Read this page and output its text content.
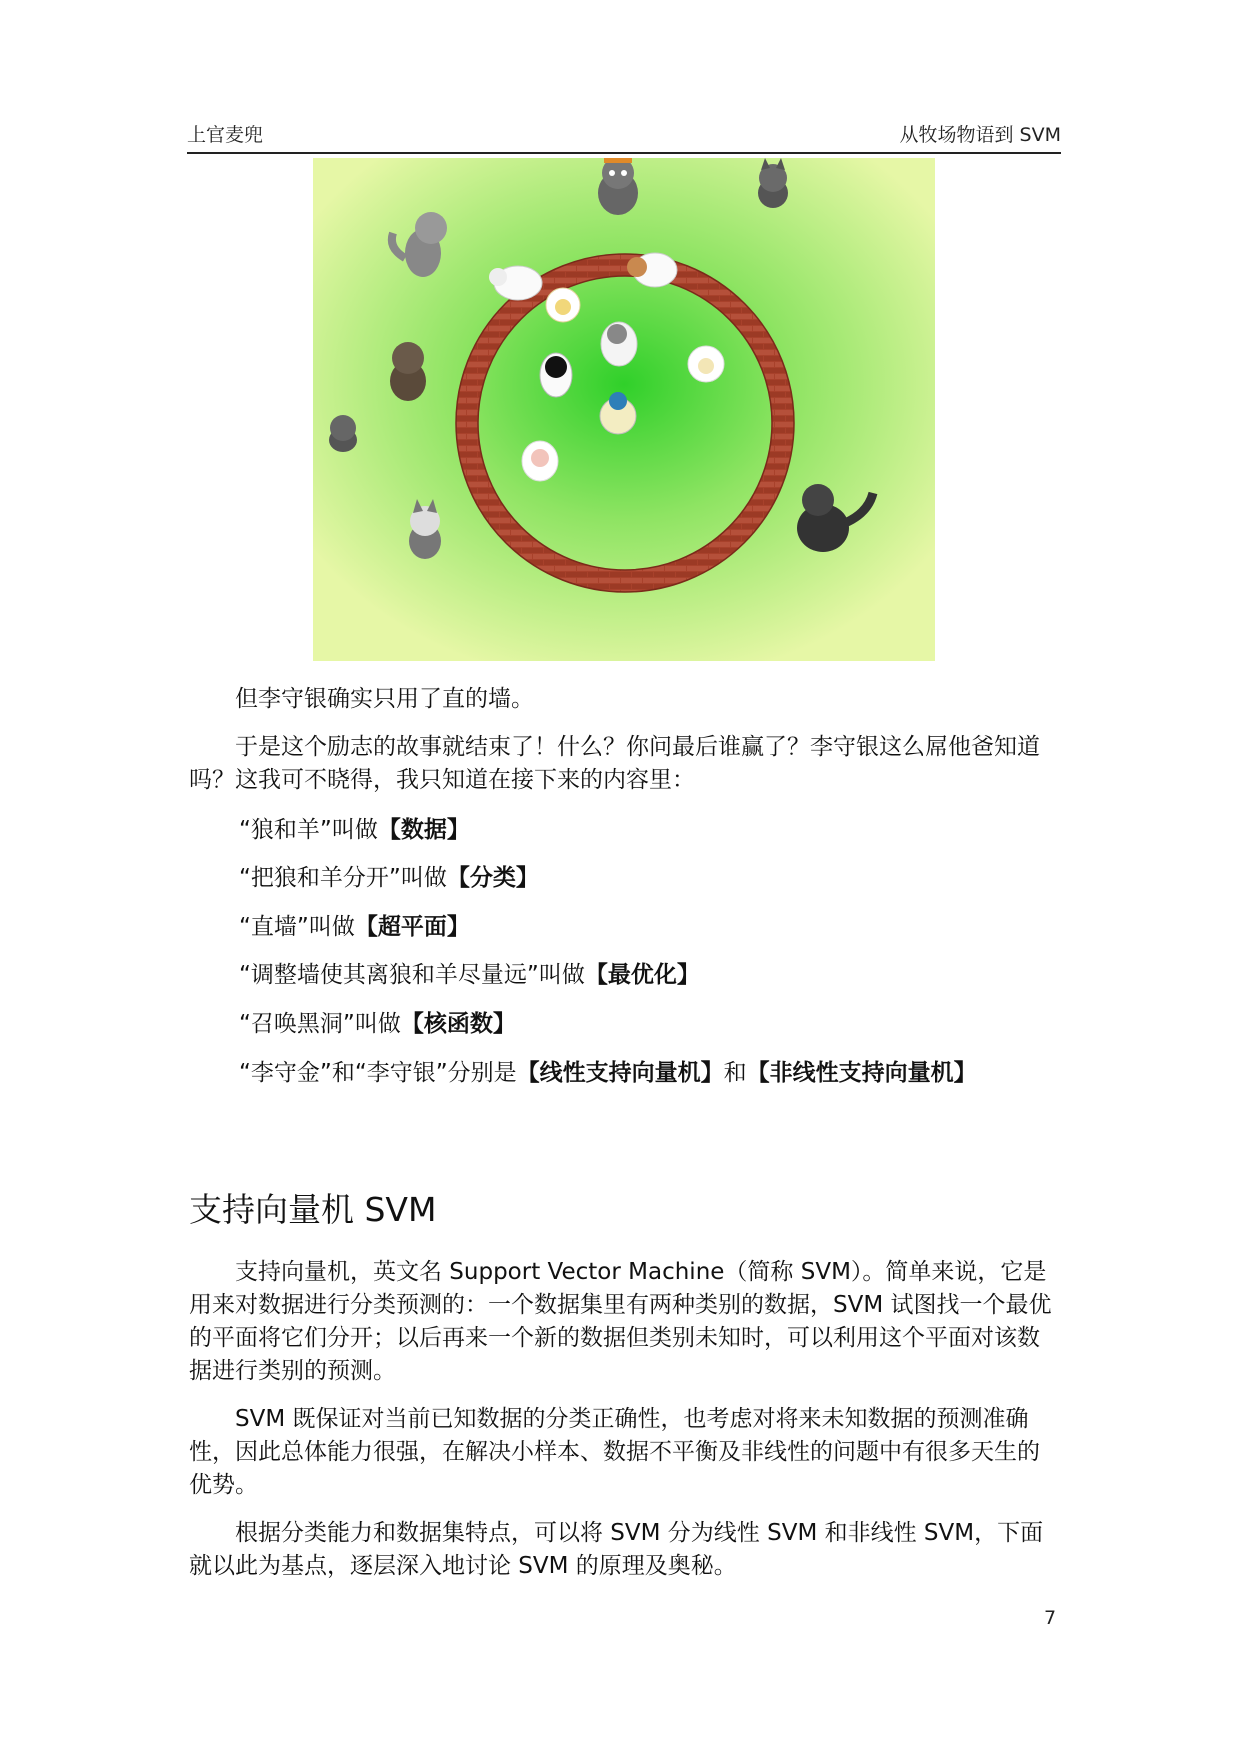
上官麦兜	从牧场物语到 SVM
但李守银确实只用了直的墙。
于是这个励志的故事就结束了！什么？你问最后谁赢了？李守银这么屌他爸知道吗？这我可不晓得，我只知道在接下来的内容里：
“狼和羊”叫做【数据】
“把狼和羊分开”叫做【分类】
“直墙”叫做【超平面】
“调整墙使其离狼和羊尽量远”叫做【最优化】
“召唤黑洞”叫做【核函数】
“李守金”和“李守银”分别是【线性支持向量机】和【非线性支持向量机】
支持向量机 SVM
支持向量机，英文名 Support Vector Machine（简称 SVM）。简单来说，它是用来对数据进行分类预测的：一个数据集里有两种类别的数据，SVM 试图找一个最优的平面将它们分开；以后再来一个新的数据但类别未知时，可以利用这个平面对该数据进行类别的预测。
SVM 既保证对当前已知数据的分类正确性，也考虑对将来未知数据的预测准确性，因此总体能力很强，在解决小样本、数据不平衡及非线性的问题中有很多天生的优势。
根据分类能力和数据集特点，可以将 SVM 分为线性 SVM 和非线性 SVM，下面就以此为基点，逐层深入地讨论 SVM 的原理及奥秘。
7
